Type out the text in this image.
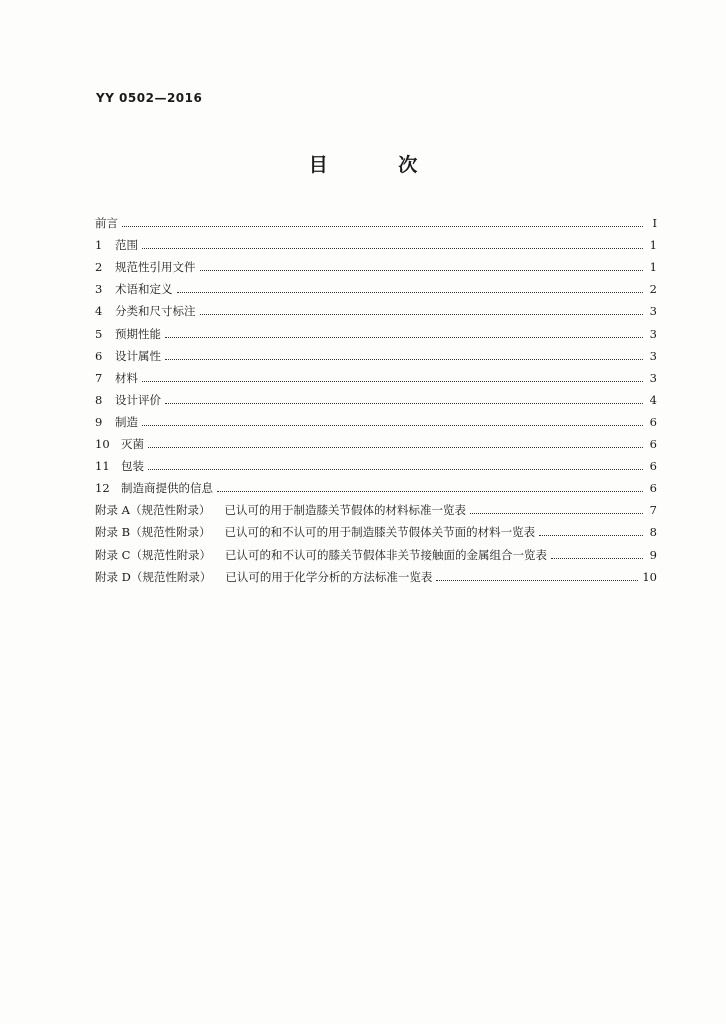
YY 0502—2016
目 次
前言	I
1	范围	1
2	规范性引用文件	1
3	术语和定义	2
4	分类和尺寸标注	3
5	预期性能	3
6	设计属性	3
7	材料	3
8	设计评价	4
9	制造	6
10 灭菌	6
11 包装	6
12 制造商提供的信息	6
附录 A（规范性附录）	已认可的用于制造膝关节假体的材料标准一览表	7
附录 B（规范性附录）	已认可的和不认可的用于制造膝关节假体关节面的材料一览表	8
附录 C（规范性附录）	已认可的和不认可的膝关节假体非关节接触面的金属组合一览表	9
附录 D（规范性附录）	已认可的用于化学分析的方法标准一览表	10
